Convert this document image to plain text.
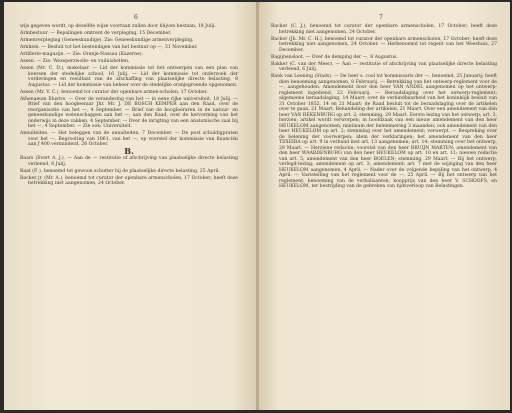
6

wijs gegeven wordt, op dezelfde wijze voortaan zullen door blijven bestaan, 18 Julij.

Armbestuur. — Bepalingen omtrent de verpleging, 15 December.

Armenverpleging (Geneeskundige). Zie: Geneeskundige armenverpleging.

Arnhem. — Besluit tot het bestendigen van het bestuur op —, 31 November.

Artillerie-magazijn. — Zie: Oranje-Nassau (Kazerne).

Assen. — Zie: Wezeperzwolle- en vuilnisbelten.

Assen (Mr. C. D.), makelaar. — Lid der kommissie tot het ontwerpen van een plan van koersen der stedelijke school, 16 Julij. — Lid der kommissie tot onderzoek der vorderingen en resultaat van de afschaffing van plaatselijke directe belasting, 8 Augustus. — Lid der kommissie van beheer over de stedelijke oranjegroende opgenomen.

Assen (Mr. V. C.), benoemd tot curator der openbare armen-scholen, 17 October.

Athenaeum Illustre. — Over de verandering van het — in eene rijke universiteit, 18 Julij. — Brief van den hoogleeraar Jhr. Mr. J. DE BOSCH KEMPER aan den Raad, over de reorganisatie van het —, 4 September. — Brief van de hoogleeraren in de natuur- en geneeskundige wetenschappen aan het —, aan den Raad, over de hervorming van het onderwijs in deze vakken, 4 September. — Over de inrigting van een anatomische zaal bij het —, 4 September. — Zie ook: Universiteit.

Annuïteiten. — Het beleggen van de annuïteiten, 7 December. — De post schuldigpraten voor het —, Begrooting van 1861, van het —, op voorstel der kommissie van financiën aan ƒ 400 verminderd, 26 October.

B.

Baars (Evert A. J.). — Aan de — restitutie of afschrijving van plaatselijke directe belasting verleend, 6 Julij.

Baat (P. ), benoemd tot gewoon schutter bij de plaatselijke directe belasting, 25 April.

Backer jr. (Mr. A.), benoemd tot curator der openbare armenscholen, 17 October; heeft deze betrekking niet aangenomen, 24 October.

7

Backer (C. J.), benoemd tot curator der openbare armenscholen, 17 October; heeft deze betrekking niet aangenomen, 24 October.

Backer (Jh. Mr. C. H.), benoemd tot curator der openbare armenscholen, 17 October; heeft deze betrekking niet aangenomen, 24 October. — Herbenoemd tot regent van het Weeshuis, 27 December.

Bagijnensloot. — Over de demping der —, 8 Augustus.

Bakker (C. van der Meer). — Aan — restitutie of afschrijving van plaatselijke directe belasting verleend, 6 Julij.

Bank van Leening (Stads). — De heer s. cool tot kommissaris der —, benoemd, 25 Januarij; heeft dien benoeming aangenomen, 8 Februarij. — Betrekking van het ontwerp-reglement voor de —, aangehouden. Amendement door den heer VAN ANDEL aangenomen op het ontwerp-reglement ingediend, 22 Februarij. — Beraadslaging over het ontwerp-reglement; algemeene beraadslaging, 14 Maart; over de verbindbaarheid van het koninklijk besluit van 31 October 1852, 14 en 21 Maart; de Raad besluit tot de beraadslaging over de artikelen over te gaan, 21 Maart. Behandeling der artikelen, 21 Maart. Over een amendement van den heer VAN REKENBURG op art. 2; stemming, 29 Maart. Eerste lezing van het ontwerp; art. 3, herzien; artikel wordt verworpen; in hoofdzaak van een nieuw amendement van den heer HEUKELOM aangenomen; minimum der belemmering 3 maanden; ook amendement van den heer HEUKELOM op art. 2; stemming over het amendement; verwerpt. — Bespreking over de belening der voorwerpen; idem der verklaringen; het amendement van den heer TEXEIRA op art. 9 in verband met art. 13 aangenomen; art. 14; stemming over het ontwerp, 29 Maart. — Herziene redactie; voorstel van den heer BRUIJN MARTEN; amendement van den heer WAARDENBURG van den heer HEUKELOM op art. 10 en art. 11; nieuwe redactie van art. 5; amendement van den heer BOELEN; stemming, 29 Maart. — Bij het ontwerp, verlegd-lezing; amendement op art. 3; amendement; art. 7 met de wijziging van den heer HEUKELOM aangenomen, 4 April. — Nader over de volgende bepaling van het ontwerp, 4 April. — Vaststelling van het reglement voor de —, 25 April. — Bij het ontwerp van het reglement; benoeming van de verbalisanten; koopprijs van den heer V. SCHOOFS, en HEUKELOM, ter bestrijding van de gebreken van tijdsverloop van Belastingen.
